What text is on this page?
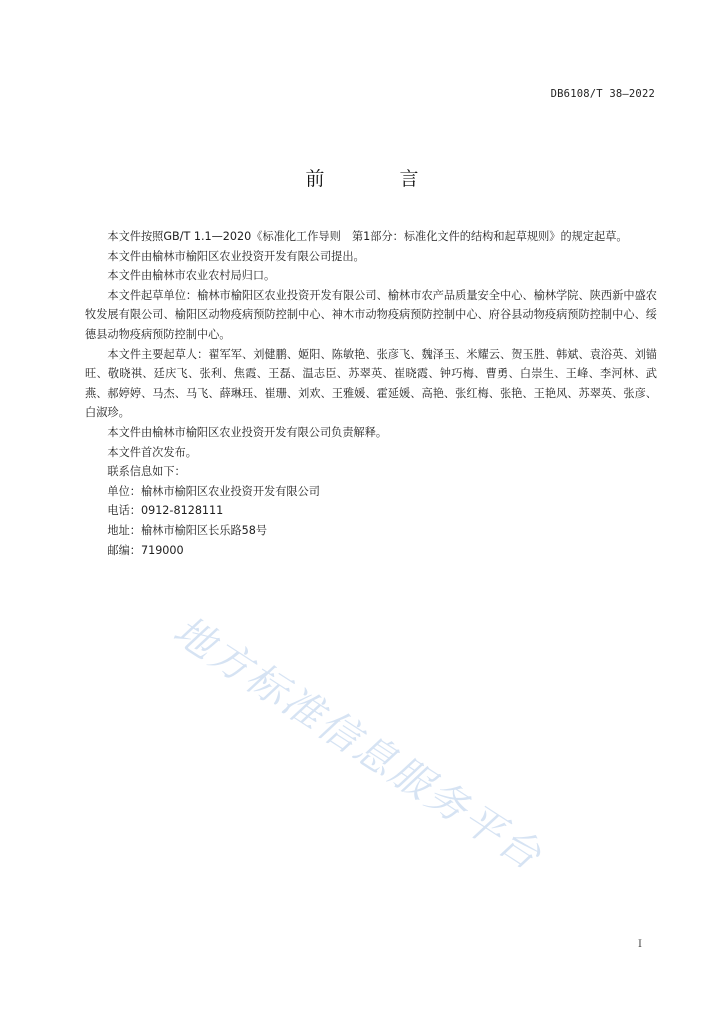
DB6108/T 38—2022
前　言

本文件按照GB/T 1.1—2020《标准化工作导则　第1部分：标准化文件的结构和起草规则》的规定起草。

本文件由榆林市榆阳区农业投资开发有限公司提出。

本文件由榆林市农业农村局归口。

本文件起草单位：榆林市榆阳区农业投资开发有限公司、榆林市农产品质量安全中心、榆林学院、陕西新中盛农牧发展有限公司、榆阳区动物疫病预防控制中心、神木市动物疫病预防控制中心、府谷县动物疫病预防控制中心、绥德县动物疫病预防控制中心。

本文件主要起草人：翟军军、刘健鹏、姬阳、陈敏艳、张彦飞、魏泽玉、米耀云、贺玉胜、韩斌、袁浴英、刘锚旺、敬晓祺、廷庆飞、张利、焦霞、王磊、温志臣、苏翠英、崔晓霞、钟巧梅、曹勇、白崇生、王峰、李河林、武燕、郝婷婷、马杰、马飞、薛琳珏、崔珊、刘欢、王雅媛、霍延媛、高艳、张红梅、张艳、王艳风、苏翠英、张彦、白淑珍。

本文件由榆林市榆阳区农业投资开发有限公司负责解释。

本文件首次发布。

联系信息如下：

单位：榆林市榆阳区农业投资开发有限公司

电话：0912-8128111

地址：榆林市榆阳区长乐路58号

邮编：719000

地方标准信息服务平台
I
